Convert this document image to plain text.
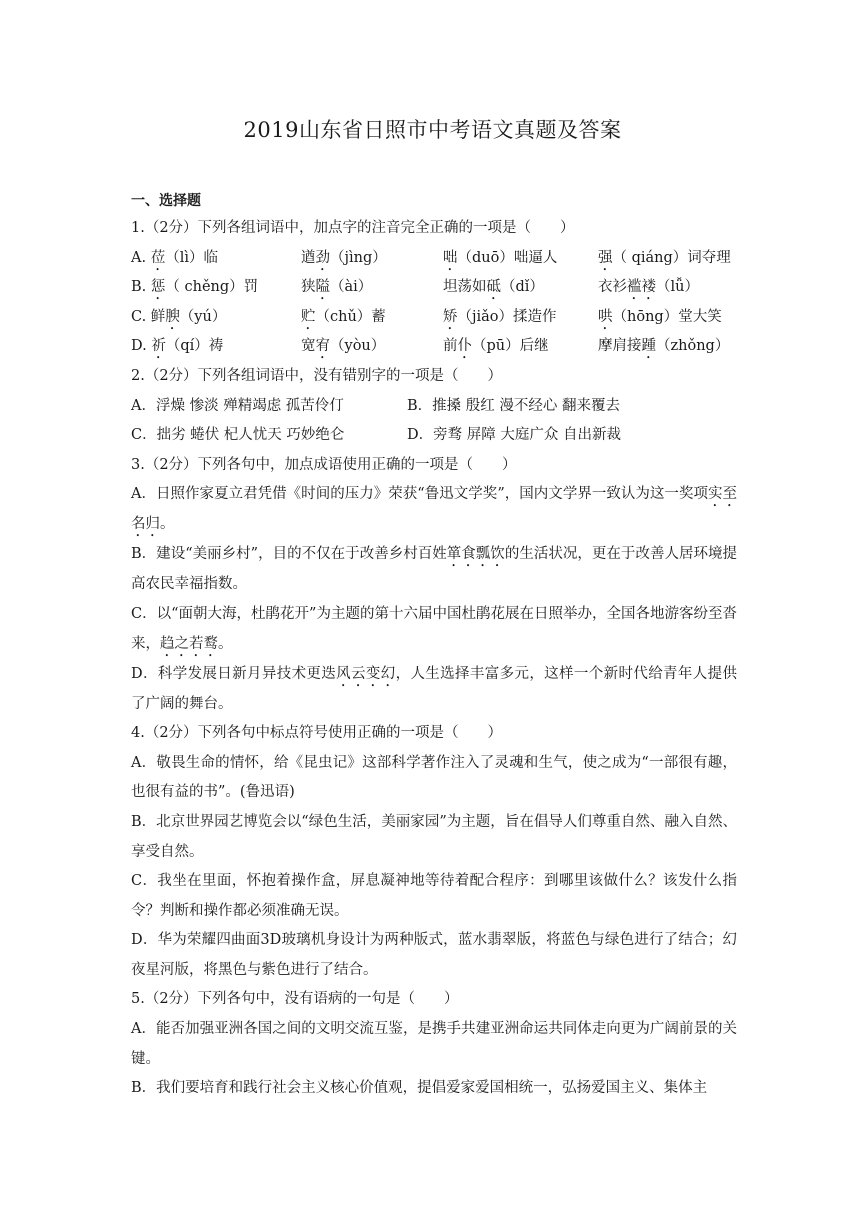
2019山东省日照市中考语文真题及答案
一、选择题
1.（2分）下列各组词语中，加点字的注音完全正确的一项是（　　）
A. 莅（lì）临	遒劲（jìng）	咄（duō）咄逼人	强（ qiáng）词夺理
B. 惩（ chěng）罚	狭隘（ài）	坦荡如砥（dǐ）	衣衫褴褛（lǚ）
C. 鲜腴（yú）	贮（chǔ）蓄	矫（jiǎo）揉造作	哄（hōng）堂大笑
D. 祈（qí）祷	宽宥（yòu）	前仆（pū）后继	摩肩接踵（zhǒng）
2.（2分）下列各组词语中，没有错别字的一项是（　　）
A．浮燥 惨淡 殚精竭虑 孤苦伶仃	B．推搡 殷红 漫不经心 翻来覆去
C．拙劣 蜷伏 杞人忧天 巧妙绝仑	D．旁骛 屏障 大庭广众 自出新裁
3.（2分）下列各句中，加点成语使用正确的一项是（　　）
A．日照作家夏立君凭借《时间的压力》荣获“鲁迅文学奖”，国内文学界一致认为这一奖项实至名归。
B．建设“美丽乡村”，目的不仅在于改善乡村百姓箪食瓢饮的生活状况，更在于改善人居环境提高农民幸福指数。
C．以“面朝大海，杜鹃花开”为主题的第十六届中国杜鹃花展在日照举办，全国各地游客纷至沓来，趋之若鹜。
D．科学发展日新月异技术更迭风云变幻，人生选择丰富多元，这样一个新时代给青年人提供了广阔的舞台。
4.（2分）下列各句中标点符号使用正确的一项是（　　）
A．敬畏生命的情怀，给《昆虫记》这部科学著作注入了灵魂和生气，使之成为“一部很有趣，也很有益的书”。(鲁迅语)
B．北京世界园艺博览会以“绿色生活，美丽家园”为主题，旨在倡导人们尊重自然、融入自然、享受自然。
C．我坐在里面，怀抱着操作盒，屏息凝神地等待着配合程序：到哪里该做什么？该发什么指令？判断和操作都必须准确无误。
D．华为荣耀四曲面3D玻璃机身设计为两种版式，蓝水翡翠版，将蓝色与绿色进行了结合；幻夜星河版，将黑色与紫色进行了结合。
5.（2分）下列各句中，没有语病的一句是（　　）
A．能否加强亚洲各国之间的文明交流互鉴，是携手共建亚洲命运共同体走向更为广阔前景的关键。
B．我们要培育和践行社会主义核心价值观，提倡爱家爱国相统一，弘扬爱国主义、集体主
